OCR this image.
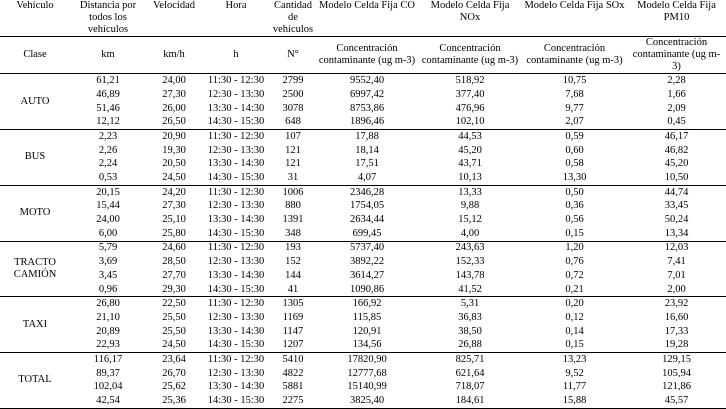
Vehículo	Distancia por todos los vehículos	Velocidad	Hora	Cantidad de vehículos	Modelo Celda Fija CO	Modelo Celda Fija NOx	Modelo Celda Fija SOx	Modelo Celda Fija PM10
Clase	km	km/h	h	N°	Concentración contaminante (ug m-3)	Concentración contaminante (ug m-3)	Concentración contaminante (ug m-3)	Concentración contaminante (ug m-3)
AUTO	61,21	24,00	11:30 - 12:30	2799	9552,40	518,92	10,75	2,28
	46,89	27,30	12:30 - 13:30	2500	6997,42	377,40	7,68	1,66
	51,46	26,00	13:30 - 14:30	3078	8753,86	476,96	9,77	2,09
	12,12	26,50	14:30 - 15:30	648	1896,46	102,10	2,07	0,45
BUS	2,23	20,90	11:30 - 12:30	107	17,88	44,53	0,59	46,17
	2,26	19,30	12:30 - 13:30	121	18,14	45,20	0,60	46,82
	2,24	20,50	13:30 - 14:30	121	17,51	43,71	0,58	45,20
	0,53	24,50	14:30 - 15:30	31	4,07	10,13	13,30	10,50
MOTO	20,15	24,20	11:30 - 12:30	1006	2346,28	13,33	0,50	44,74
	15,44	27,30	12:30 - 13:30	880	1754,05	9,88	0,36	33,45
	24,00	25,10	13:30 - 14:30	1391	2634,44	15,12	0,56	50,24
	6,00	25,80	14:30 - 15:30	348	699,45	4,00	0,15	13,34
TRACTO CAMIÓN	5,79	24,60	11:30 - 12:30	193	5737,40	243,63	1,20	12,03
	3,69	28,50	12:30 - 13:30	152	3892,22	152,33	0,76	7,41
	3,45	27,70	13:30 - 14:30	144	3614,27	143,78	0,72	7,01
	0,96	29,30	14:30 - 15:30	41	1090,86	41,52	0,21	2,00
TAXI	26,80	22,50	11:30 - 12:30	1305	166,92	5,31	0,20	23,92
	21,10	25,50	12:30 - 13:30	1169	115,85	36,83	0,12	16,60
	20,89	25,50	13:30 - 14:30	1147	120,91	38,50	0,14	17,33
	22,93	24,50	14:30 - 15:30	1207	134,56	26,88	0,15	19,28
TOTAL	116,17	23,64	11:30 - 12:30	5410	17820,90	825,71	13,23	129,15
	89,37	26,70	12:30 - 13:30	4822	12777,68	621,64	9,52	105,94
	102,04	25,62	13:30 - 14:30	5881	15140,99	718,07	11,77	121,86
	42,54	25,36	14:30 - 15:30	2275	3825,40	184,61	15,88	45,57
